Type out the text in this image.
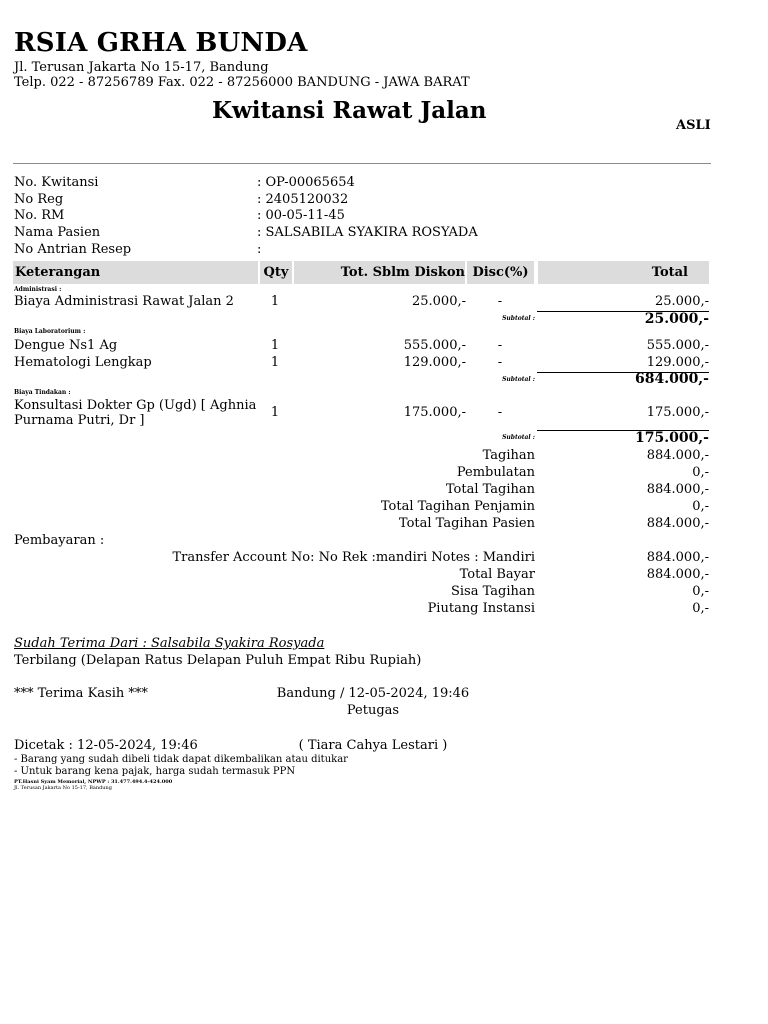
RSIA GRHA BUNDA
Jl. Terusan Jakarta No 15-17, Bandung
Telp. 022 - 87256789 Fax. 022 - 87256000 BANDUNG - JAWA BARAT
Kwitansi Rawat Jalan
ASLI
No. Kwitansi	: OP-00065654
No Reg	: 2405120032
No. RM	: 00-05-11-45
Nama Pasien	: SALSABILA SYAKIRA ROSYADA
No Antrian Resep	:
Keterangan	Qty	Tot. Sblm Diskon Disc(%)	Total
Administrasi :
Biaya Administrasi Rawat Jalan 2	1	25.000,-	-	25.000,-
Subtotal :	25.000,-
Biaya Laboratorium :
Dengue Ns1 Ag	1	555.000,-	-	555.000,-
Hematologi Lengkap	1	129.000,-	-	129.000,-
Subtotal :	684.000,-
Biaya Tindakan :
Konsultasi Dokter Gp (Ugd) [ Aghnia
Purnama Putri, Dr ]
1	175.000,-	-	175.000,-
Subtotal :	175.000,-
Tagihan	884.000,-
Pembulatan	0,-
Total Tagihan	884.000,-
Total Tagihan Penjamin	0,-
Total Tagihan Pasien	884.000,-
Pembayaran :
Transfer Account No: No Rek :mandiri Notes : Mandiri	884.000,-
Total Bayar	884.000,-
Sisa Tagihan	0,-
Piutang Instansi	0,-
Sudah Terima Dari : Salsabila Syakira Rosyada
Terbilang (Delapan Ratus Delapan Puluh Empat Ribu Rupiah)
*** Terima Kasih ***	Bandung / 12-05-2024, 19:46
Petugas
Dicetak : 12-05-2024, 19:46	( Tiara Cahya Lestari )
- Barang yang sudah dibeli tidak dapat dikembalikan atau ditukar
- Untuk barang kena pajak, harga sudah termasuk PPN
PT.Hasni Syam Memorial, NPWP : 31.477.494.4-424.000
Jl. Terusan Jakarta No 15-17, Bandung
